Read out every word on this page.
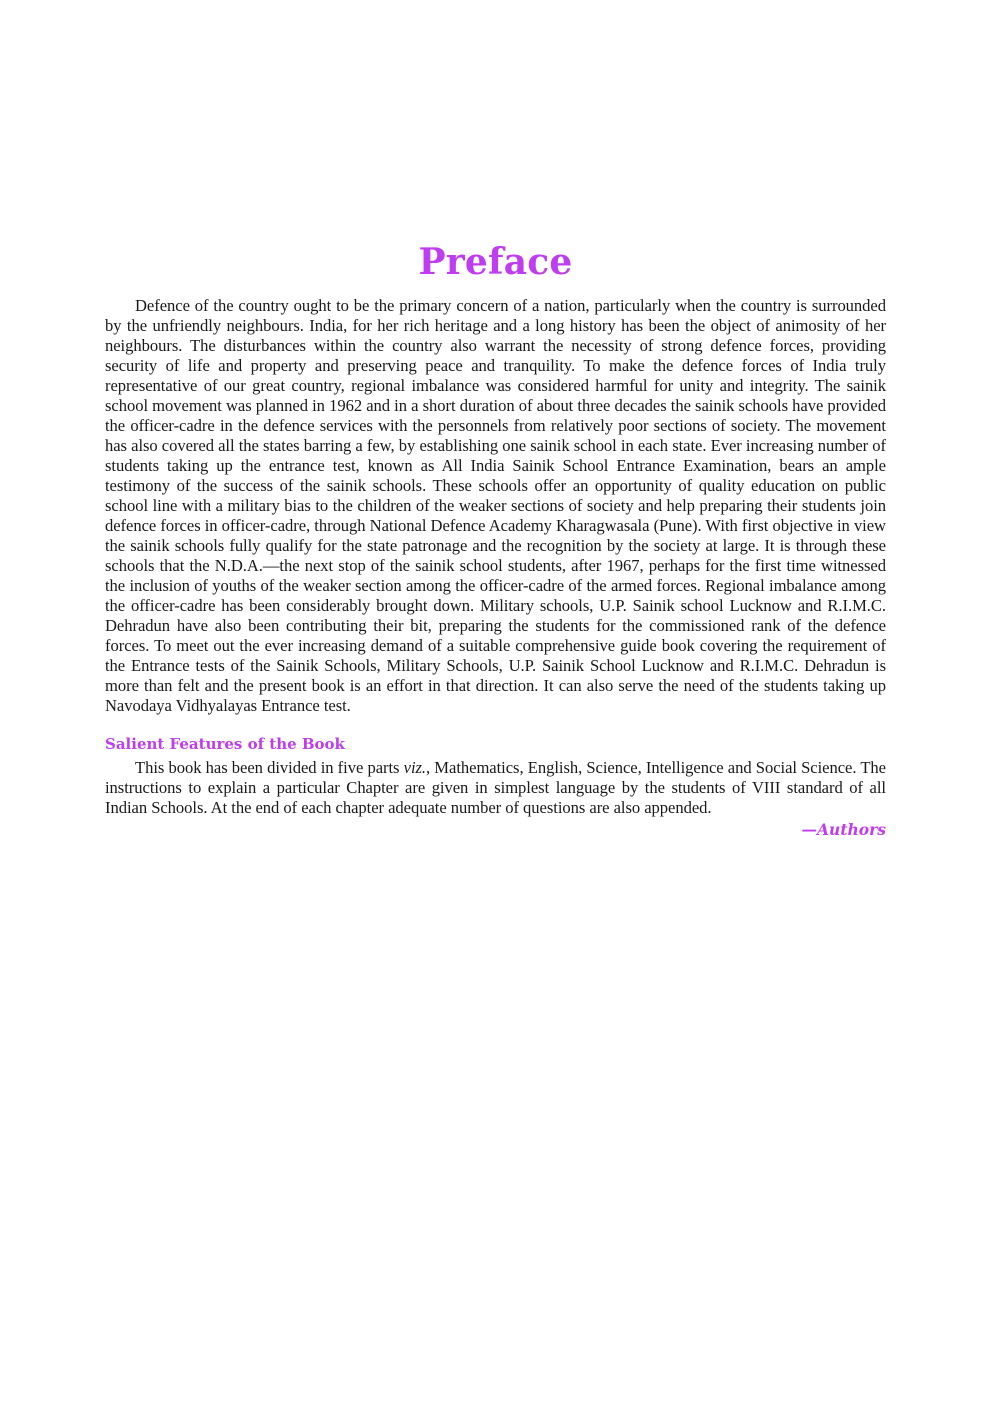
Preface

Defence of the country ought to be the primary concern of a nation, particularly when the country is surrounded by the unfriendly neighbours. India, for her rich heritage and a long history has been the object of animosity of her neighbours. The disturbances within the country also warrant the necessity of strong defence forces, providing security of life and property and preserving peace and tranquility. To make the defence forces of India truly representative of our great country, regional imbalance was considered harmful for unity and integrity. The sainik school movement was planned in 1962 and in a short duration of about three decades the sainik schools have provided the officer-cadre in the defence services with the personnels from relatively poor sections of society. The movement has also covered all the states barring a few, by establishing one sainik school in each state. Ever increasing number of students taking up the entrance test, known as All India Sainik School Entrance Examination, bears an ample testimony of the success of the sainik schools. These schools offer an opportunity of quality education on public school line with a military bias to the children of the weaker sections of society and help preparing their students join defence forces in officer-cadre, through National Defence Academy Kharagwasala (Pune). With first objective in view the sainik schools fully qualify for the state patronage and the recognition by the society at large. It is through these schools that the N.D.A.—the next stop of the sainik school students, after 1967, perhaps for the first time witnessed the inclusion of youths of the weaker section among the officer-cadre of the armed forces. Regional imbalance among the officer-cadre has been considerably brought down. Military schools, U.P. Sainik school Lucknow and R.I.M.C. Dehradun have also been contributing their bit, preparing the students for the commissioned rank of the defence forces. To meet out the ever increasing demand of a suitable comprehensive guide book covering the requirement of the Entrance tests of the Sainik Schools, Military Schools, U.P. Sainik School Lucknow and R.I.M.C. Dehradun is more than felt and the present book is an effort in that direction. It can also serve the need of the students taking up Navodaya Vidhyalayas Entrance test.

Salient Features of the Book

This book has been divided in five parts viz., Mathematics, English, Science, Intelligence and Social Science. The instructions to explain a particular Chapter are given in simplest language by the students of VIII standard of all Indian Schools. At the end of each chapter adequate number of questions are also appended.

—Authors
